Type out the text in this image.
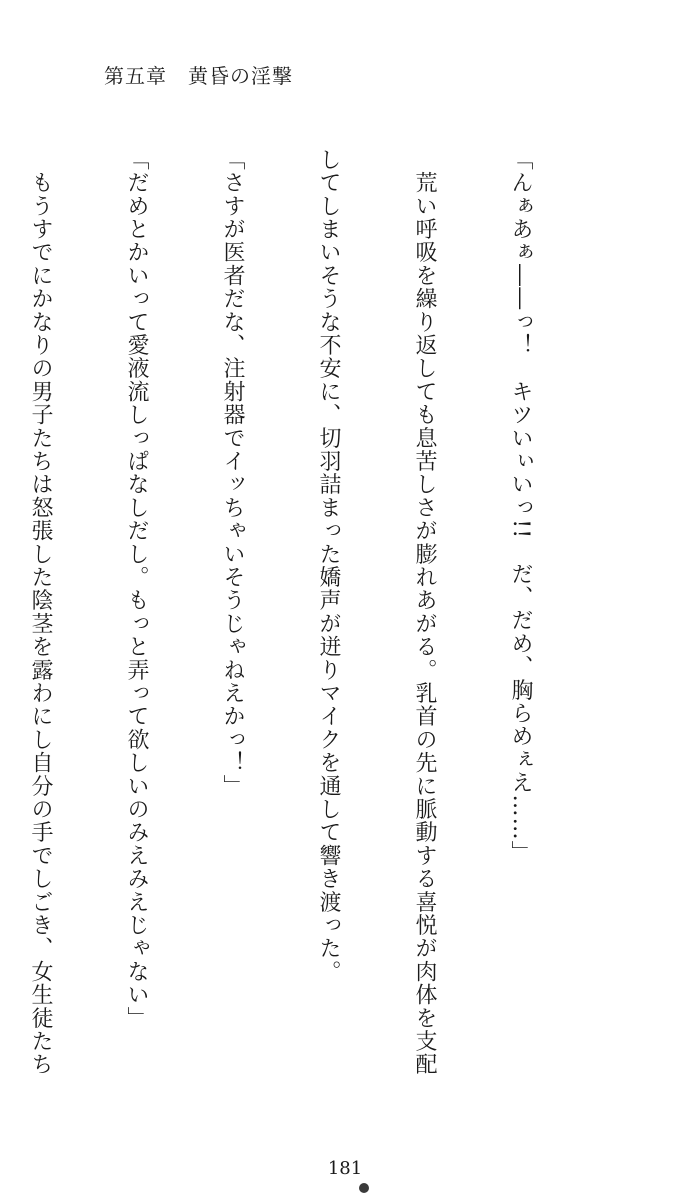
第五章　黄昏の淫撃

「んぁあぁ――っ！　キツいぃいっ!!　だ、だめ、胸らめぇえ……」

　荒い呼吸を繰り返しても息苦しさが膨れあがる。乳首の先に脈動する喜悦が肉体を支配

してしまいそうな不安に、切羽詰まった嬌声が迸りマイクを通して響き渡った。

「さすが医者だな、注射器でイッちゃいそうじゃねえかっ！」

「だめとかいって愛液流しっぱなしだし。もっと弄って欲しいのみえみえじゃない」

　もうすでにかなりの男子たちは怒張した陰茎を露わにし自分の手でしごき、女生徒たち

181
